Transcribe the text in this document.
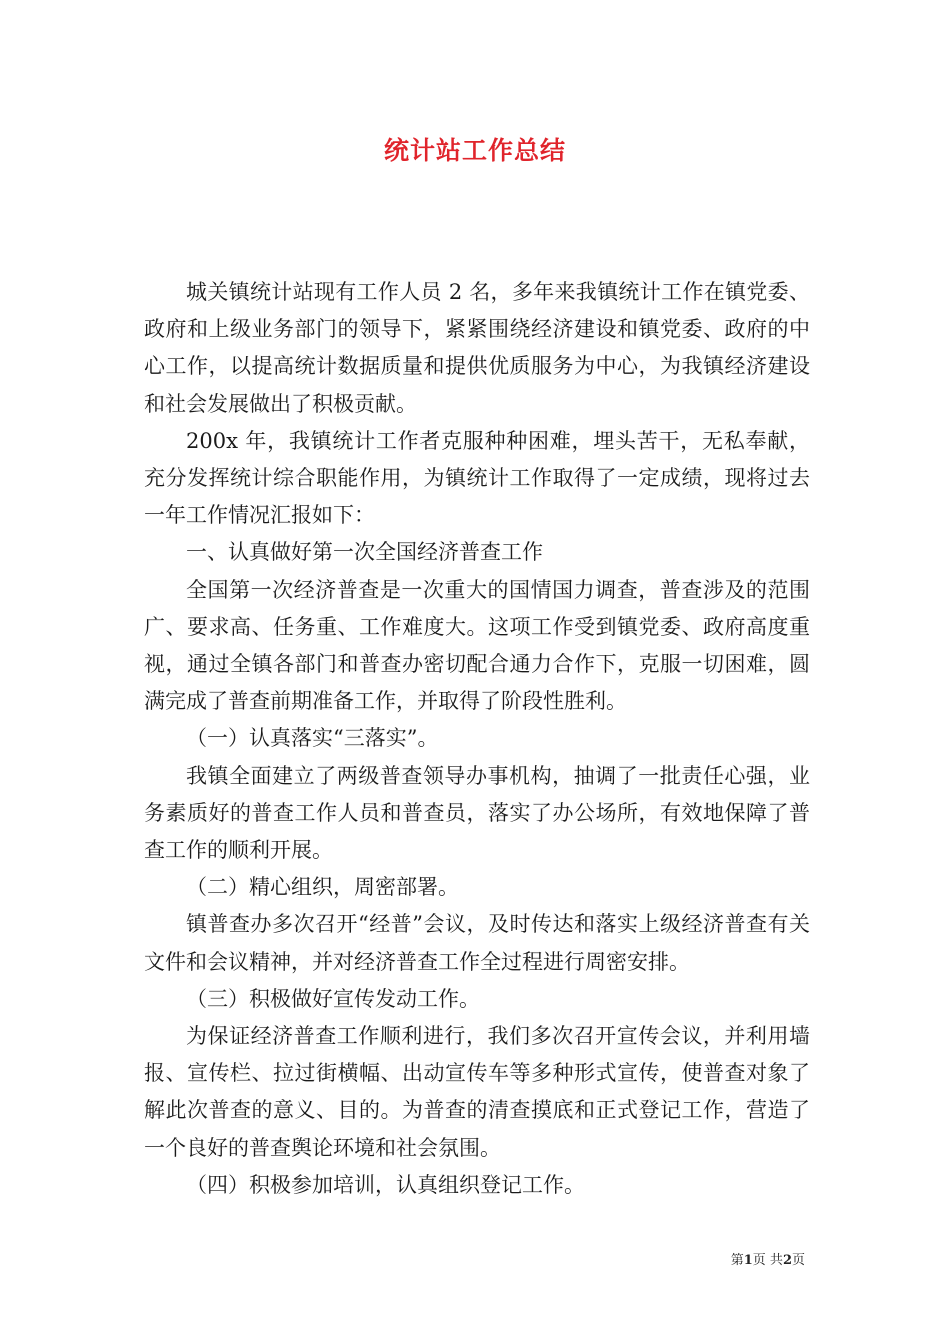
统计站工作总结

城关镇统计站现有工作人员 2 名，多年来我镇统计工作在镇党委、政府和上级业务部门的领导下，紧紧围绕经济建设和镇党委、政府的中心工作，以提高统计数据质量和提供优质服务为中心，为我镇经济建设和社会发展做出了积极贡献。

200x 年，我镇统计工作者克服种种困难，埋头苦干，无私奉献，充分发挥统计综合职能作用，为镇统计工作取得了一定成绩，现将过去一年工作情况汇报如下：

一、认真做好第一次全国经济普查工作

全国第一次经济普查是一次重大的国情国力调查，普查涉及的范围广、要求高、任务重、工作难度大。这项工作受到镇党委、政府高度重视，通过全镇各部门和普查办密切配合通力合作下，克服一切困难，圆满完成了普查前期准备工作，并取得了阶段性胜利。

（一）认真落实“三落实”。

我镇全面建立了两级普查领导办事机构，抽调了一批责任心强，业务素质好的普查工作人员和普查员，落实了办公场所，有效地保障了普查工作的顺利开展。

（二）精心组织，周密部署。

镇普查办多次召开“经普”会议，及时传达和落实上级经济普查有关文件和会议精神，并对经济普查工作全过程进行周密安排。

（三）积极做好宣传发动工作。

为保证经济普查工作顺利进行，我们多次召开宣传会议，并利用墙报、宣传栏、拉过街横幅、出动宣传车等多种形式宣传，使普查对象了解此次普查的意义、目的。为普查的清查摸底和正式登记工作，营造了一个良好的普查舆论环境和社会氛围。

（四）积极参加培训，认真组织登记工作。

第1页 共2页
